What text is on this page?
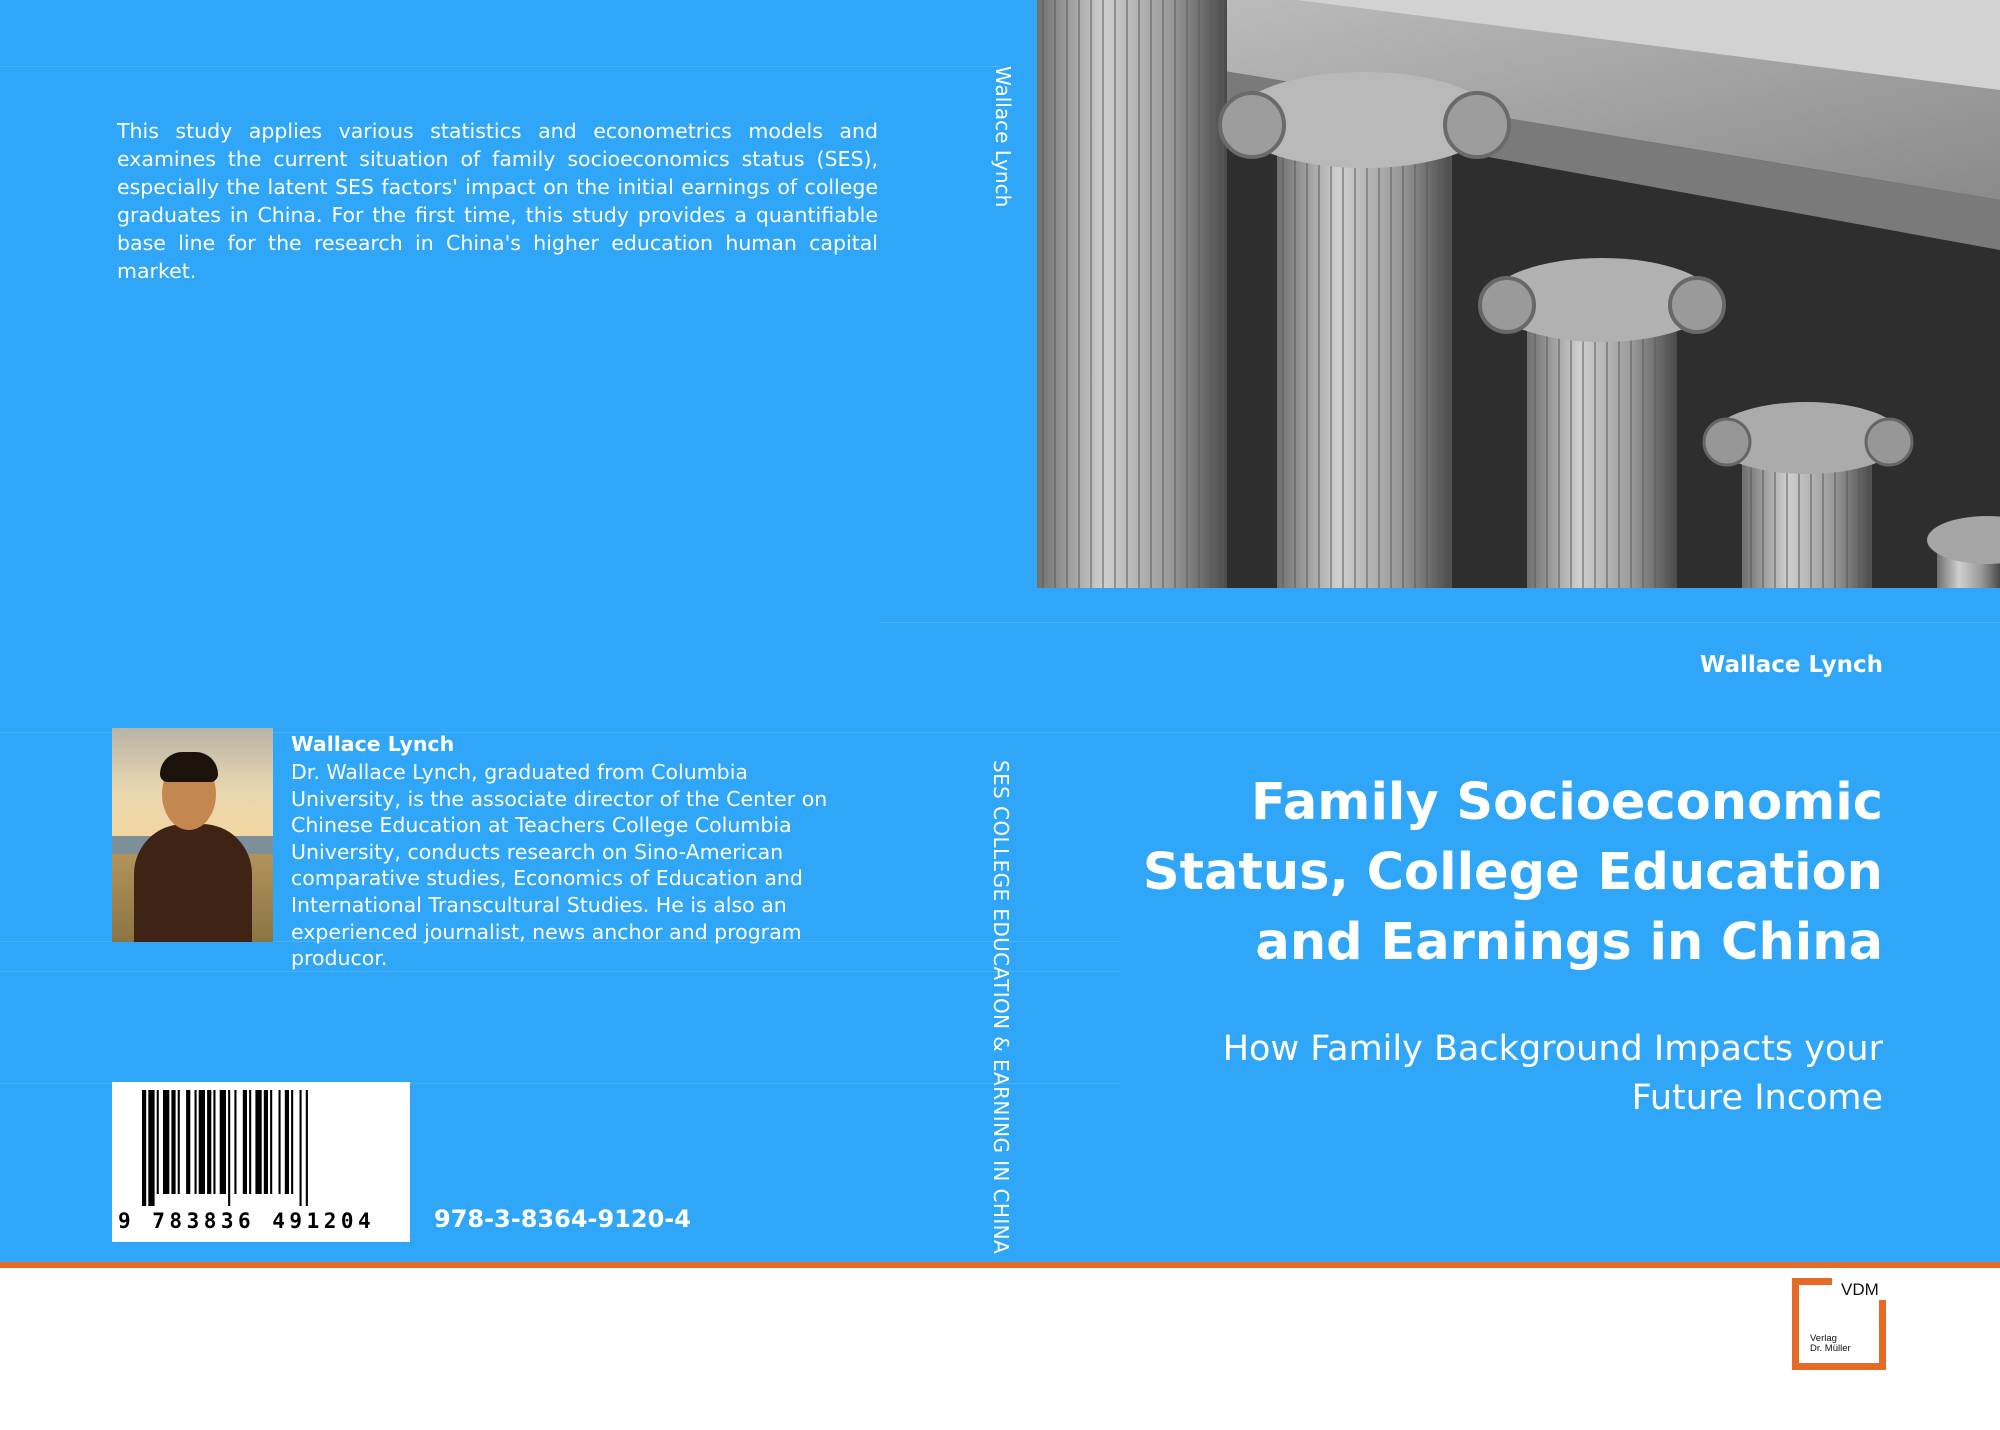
This study applies various statistics and econometrics models and examines the current situation of family socioeconomics status (SES), especially the latent SES factors' impact on the initial earnings of college graduates in China. For the first time, this study provides a quantifiable base line for the research in China's higher education human capital market.
Wallace Lynch
Dr. Wallace Lynch, graduated from Columbia University, is the associate director of the Center on Chinese Education at Teachers College Columbia University, conducts research on Sino-American comparative studies, Economics of Education and International Transcultural Studies. He is also an experienced journalist, news anchor and program producor.
9 783836 491204	978-3-8364-9120-4
Wallace Lynch
SES COLLEGE EDUCATION & EARNING IN CHINA
Wallace Lynch
Family Socioeconomic Status, College Education and Earnings in China
How Family Background Impacts your Future Income
VDM
Verlag
Dr. Müller
